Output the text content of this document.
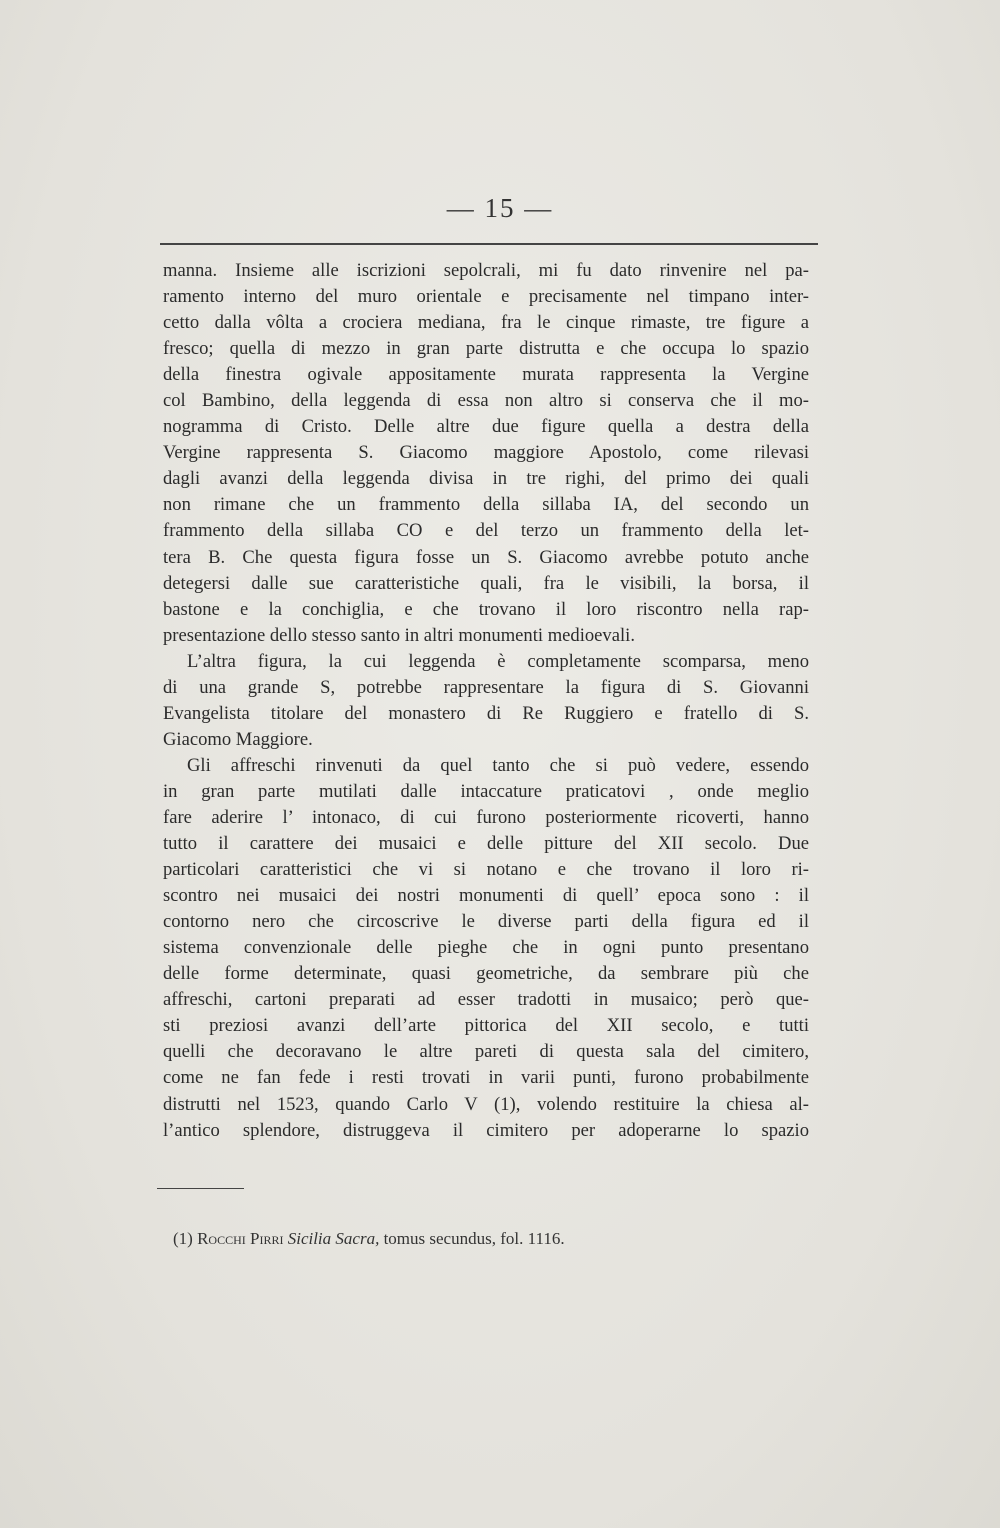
— 15 —

manna. Insieme alle iscrizioni sepolcrali, mi fu dato rinvenire nel pa-
ramento interno del muro orientale e precisamente nel timpano inter-
cetto dalla vôlta a crociera mediana, fra le cinque rimaste, tre figure a
fresco; quella di mezzo in gran parte distrutta e che occupa lo spazio
della finestra ogivale appositamente murata rappresenta la Vergine
col Bambino, della leggenda di essa non altro si conserva che il mo-
nogramma di Cristo. Delle altre due figure quella a destra della
Vergine rappresenta S. Giacomo maggiore Apostolo, come rilevasi
dagli avanzi della leggenda divisa in tre righi, del primo dei quali
non rimane che un frammento della sillaba IA, del secondo un
frammento della sillaba CO e del terzo un frammento della let-
tera B. Che questa figura fosse un S. Giacomo avrebbe potuto anche
detegersi dalle sue caratteristiche quali, fra le visibili, la borsa, il
bastone e la conchiglia, e che trovano il loro riscontro nella rap-
presentazione dello stesso santo in altri monumenti medioevali.

L’altra figura, la cui leggenda è completamente scomparsa, meno
di una grande S, potrebbe rappresentare la figura di S. Giovanni
Evangelista titolare del monastero di Re Ruggiero e fratello di S.
Giacomo Maggiore.

Gli affreschi rinvenuti da quel tanto che si può vedere, essendo
in gran parte mutilati dalle intaccature praticatovi , onde meglio
fare aderire l’ intonaco, di cui furono posteriormente ricoverti, hanno
tutto il carattere dei musaici e delle pitture del XII secolo. Due
particolari caratteristici che vi si notano e che trovano il loro ri-
scontro nei musaici dei nostri monumenti di quell’ epoca sono : il
contorno nero che circoscrive le diverse parti della figura ed il
sistema convenzionale delle pieghe che in ogni punto presentano
delle forme determinate, quasi geometriche, da sembrare più che
affreschi, cartoni preparati ad esser tradotti in musaico; però que-
sti preziosi avanzi dell’arte pittorica del XII secolo, e tutti
quelli che decoravano le altre pareti di questa sala del cimitero,
come ne fan fede i resti trovati in varii punti, furono probabilmente
distrutti nel 1523, quando Carlo V (1), volendo restituire la chiesa al-
l’antico splendore, distruggeva il cimitero per adoperarne lo spazio

(1) Rocchi Pirri Sicilia Sacra, tomus secundus, fol. 1116.
